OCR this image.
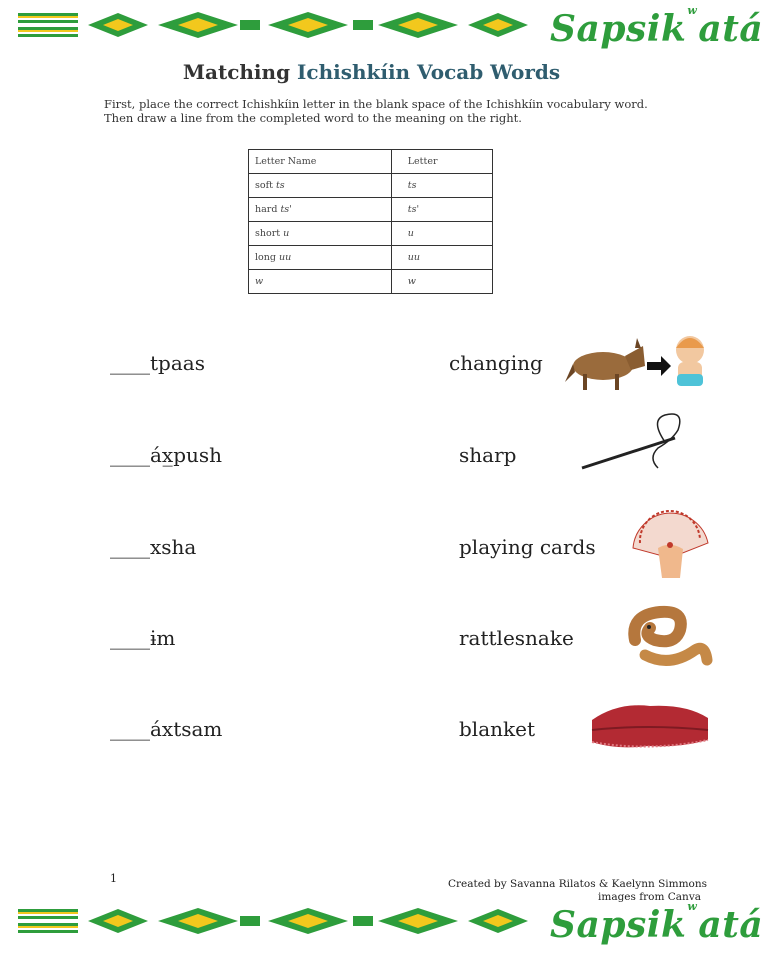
Sapsik$^w$atá
Matching Ichishkíin Vocab Words
First, place the correct Ichishkíin letter in the blank space of the Ichishkíin vocabulary word.
Then draw a line from the completed word to the meaning on the right.
Letter Name	Letter
soft ts	ts
hard ts'	ts'
short u	u
long uu	uu
w	w
____tpaas
____áx̲push
____xsha
____ɨm
____áxtsam
changing
sharp
playing cards
rattlesnake
blanket
1	Created by Savanna Rilatos & Kaelynn Simmons
images from Canva
Sapsik$^w$atá
